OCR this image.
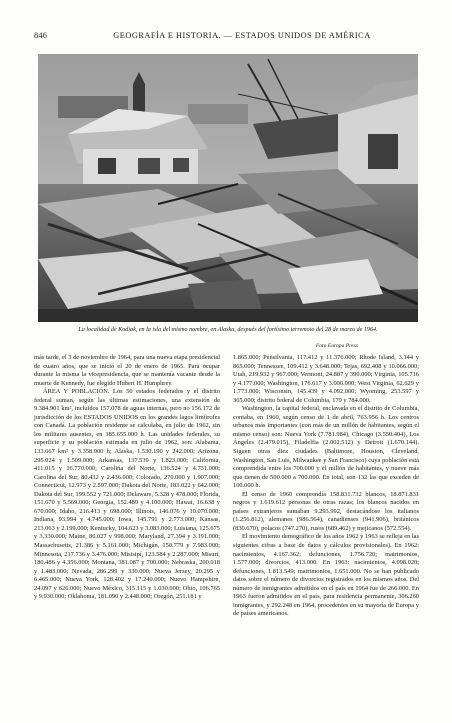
846	GEOGRAFÍA E HISTORIA. — ESTADOS UNIDOS DE AMÉRICA
La localidad de Kodiak, en la isla del mismo nombre, en Alaska, después del fortísimo terremoto del 28 de marzo de 1964.
Foto Europa Press

más tarde, el 3 de noviembre de 1964, para una nueva etapa presidencial de cuatro años, que se inició el 20 de enero de 1965. Para ocupar durante la misma la vicepresidencia, que se mantenía vacante desde la muerte de Kennedy, fue elegido Hubert H. Humphrey.

ÁREA Y POBLACIÓN. Los 50 estados federados y el distrito federal suman, según las últimas estimaciones, una extensión de 9.384.901 km², incluidos 157.078 de aguas internas, pero no 156.172 de jurisdicción de los ESTADOS UNIDOS en los grandes lagos limítrofes con Canadá. La población residente se calculaba, en julio de 1962, sin los militares ausentes, en 185.655.000 h. Las unidades federales, su superficie y su población estimada en julio de 1962, son: Alabama, 133.667 km² y 3.358.000 h; Alaska, 1.530.190 y 242.000; Arizona, 295.024 y 1.509.000; Arkansas, 137.539 y 1.823.000; California, 411.015 y 16.770.000; Carolina del Norte, 136.524 y 4.731.000; Carolina del Sur, 80.432 y 2.436.000; Colorado, 270.000 y 1.907.000; Connecticut, 12.973 y 2.597.000; Dakota del Norte, 183.022 y 642.000; Dakota del Sur, 199.552 y 721.000; Delaware, 5.328 y 478.000; Florida, 151.670 y 5.569.000; Georgia, 152.489 y 4.100.000; Hawai, 16.638 y 670.000; Idaho, 216.413 y 698.000; Illinois, 146.076 y 10.070.000; Indiana, 93.994 y 4.745.000; Iowa, 145.791 y 2.773.000; Kansas, 213.063 y 2.199.000; Kentucky, 104.623 y 3.083.000; Luisiana, 125.675 y 3.330.000; Maine, 86.027 y 998.000; Maryland, 27.394 y 3.191.000; Massachusetts, 21.386 y 5.161.000; Michigán, 150.779 y 7.983.000; Minnesota, 217.736 y 3.476.000; Misisipí, 123.584 y 2.287.000; Misuri, 180.486 y 4.356.000; Montana, 381.087 y 700.000; Nebraska, 200.018 y 1.483.000; Nevada, 286.299 y 330.000; Nueva Jersey, 20.295 y 6.465.000; Nueva York, 128.402 y 17.240.000; Nuevo Hampshire, 24.097 y 626.000; Nuevo México, 315.115 y 1.030.000; Ohio, 106.765 y 9.930.000; Oklahoma, 181.090 y 2.448.000; Oregón, 251.181 y

1.865.000; Pensilvania, 117.412 y 11.376.000; Rhode Island, 3.144 y 865.000; Tennessee, 109.412 y 3.648.000; Tejas, 692.408 y 10.066.000; Utah, 219.932 y 967.000; Vermont, 24.887 y 390.000; Virginia, 105.716 y 4.177.000; Washington, 176.617 y 3.000.000; West Virginia, 62.629 y 1.773.000; Wisconsin, 145.439 y 4.092.000; Wyoming, 253.597 y 365.000; distrito federal de Columbia, 179 y 784.000.

Washington, la capital federal, enclavada en el distrito de Columbia, contaba, en 1960, según censo de 1 de abril, 763.956 h. Los centros urbanos más importantes (con más de un millón de habitantes, según el mismo censo) son: Nueva York (7.781.984), Chicago (3.550.404), Los Ángeles (2.479.015), Filadelfia (2.002.512) y Detroit (1.670.144). Siguen otras diez ciudades (Baltimore, Houston, Cleveland, Washington, San Luis, Milwaukee y San Francisco) cuya población está comprendida entre los 700.000 y el millón de habitantes, y nueve más que tienen de 500.000 a 700.000. En total, son 132 las que exceden de 100.000 h.

El censo de 1960 comprendía 158.831.732 blancos, 18.871.831 negros y 1.619.612 personas de otras razas; los blancos nacidos en países extranjeros sumaban 9.293.992, destacándose los italianos (1.256.812), alemanes (986.564), canadienses (941.906), británicos (830.670), polacos (747.270), rusos (689.462) y mejicanos (572.554).

El movimiento demográfico de los años 1962 y 1963 se refleja en las siguientes cifras a base de datos y cálculos provisionales). En 1962: nacimientos, 4.167.362; defunciones, 1.756.720; matrimonios, 1.577.000; divorcios, 413.000. En 1963: nacimientos, 4.098.020; defunciones, 1.813.549; matrimonios, 1.651.000. No se han publicado datos sobre el número de divorcios registrados en los mismos años. Del número de inmigrantes admitidos en el país en 1964 fue de 266.000. En 1963 fueron admitidos en el país, para residencia permanente, 306.260 inmigrantes, y 292.248 en 1964, procedentes en su mayoría de Europa y de países americanos.
